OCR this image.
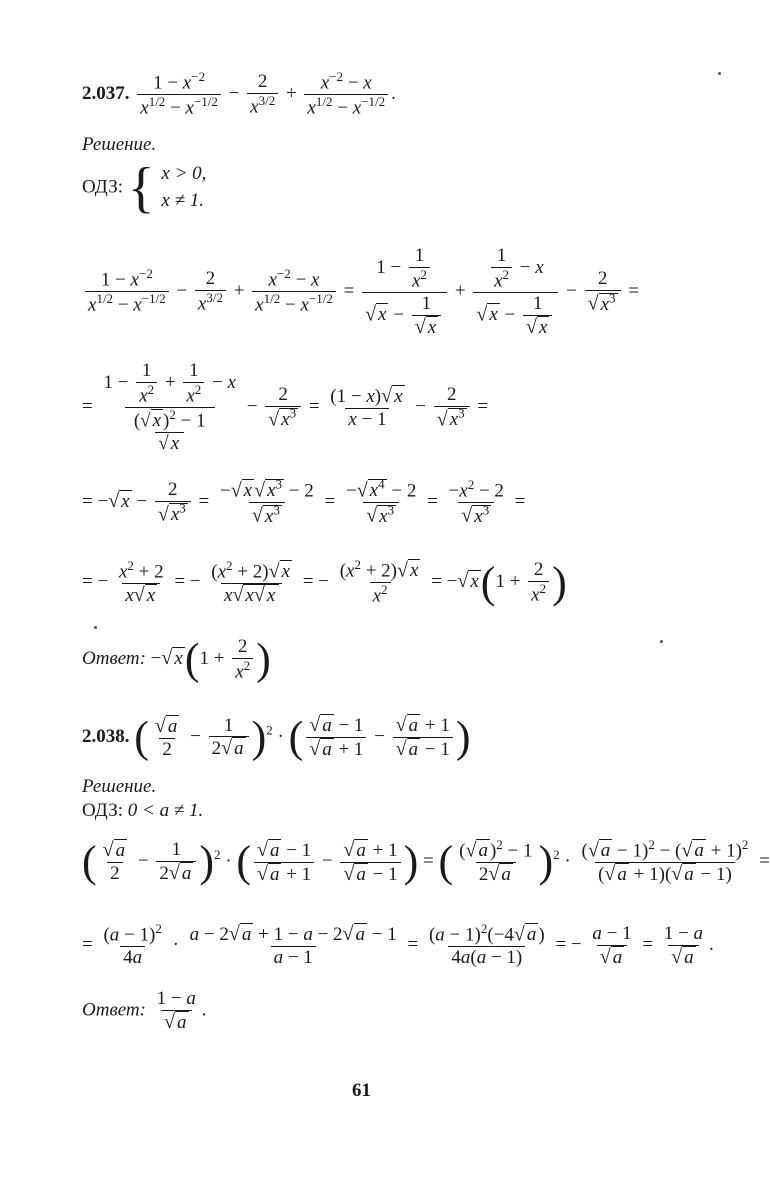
2.037. $\frac{1 - x^{-2}}{x^{1/2} - x^{-1/2}} - \frac{2}{x^{3/2}} + \frac{x^{-2} - x}{x^{1/2} - x^{-1/2}}$ .
Решение.
ОДЗ: { x > 0,
x ≠ 1.
$\frac{1 - x^{-2}}{x^{1/2} - x^{-1/2}} - \frac{2}{x^{3/2}} + \frac{x^{-2} - x}{x^{1/2} - x^{-1/2}} = \frac{1 - \frac{1}{x^2}}{√ x - \frac{1}{√ x}} + \frac{\frac{1}{x^2} - x}{√ x - \frac{1}{√ x}} - \frac{2}{√ x^3}$ =
= $\frac{1 - \frac{1}{x^2} + \frac{1}{x^2} - x}{\frac{(√ x )^2 - 1}{√ x}} - \frac{2}{√ x^3} = \frac{(1 - x)√ x}{x - 1} - \frac{2}{√ x^3}$ =
= −√ $x - \frac{2}{√ x^3} = \frac{-√ x √ x^3 - 2}{√ x^3} = \frac{-√ x^4 - 2}{√ x^3} = \frac{-x^2 - 2}{√ x^3}$ =
= − $\frac{x^2 + 2}{x√ x}$ = − $\frac{(x^2 + 2)√ x}{x√ x√ x}$ = − $\frac{(x^2 + 2)√ x}{x^2}$ = −√ $x(1 + \frac{2}{x^2}$ )
Ответ: −√ $x(1 + \frac{2}{x^2}$ )
2.038. ( $\frac{√ a}{2} - \frac{1}{2√ a} )^2$ · ( $\frac{√ a - 1}{√ a + 1} - \frac{√ a + 1}{√ a - 1}$ )
Решение.
ОДЗ: 0 < a ≠ 1.
( $\frac{√ a}{2} - \frac{1}{2√ a} )^2$ · ( $\frac{√ a - 1}{√ a + 1} - \frac{√ a + 1}{√ a - 1}$ ) = ( $\frac{(√ a )^2 - 1}{2√ a} )^2 \cdot \frac{(√ a - 1)^2 - (√ a + 1)^2}{(√ a + 1)(√ a - 1)}$ =
= $\frac{(a - 1)^2}{4a} \cdot \frac{a - 2√ a + 1 - a - 2√ a - 1}{a - 1} = \frac{(a - 1)^2(-4√ a )}{4a(a - 1)}$ = − $\frac{a - 1}{√ a} = \frac{1 - a}{√ a}$ .
Ответ: $\frac{1 - a}{√ a}$ .
61
